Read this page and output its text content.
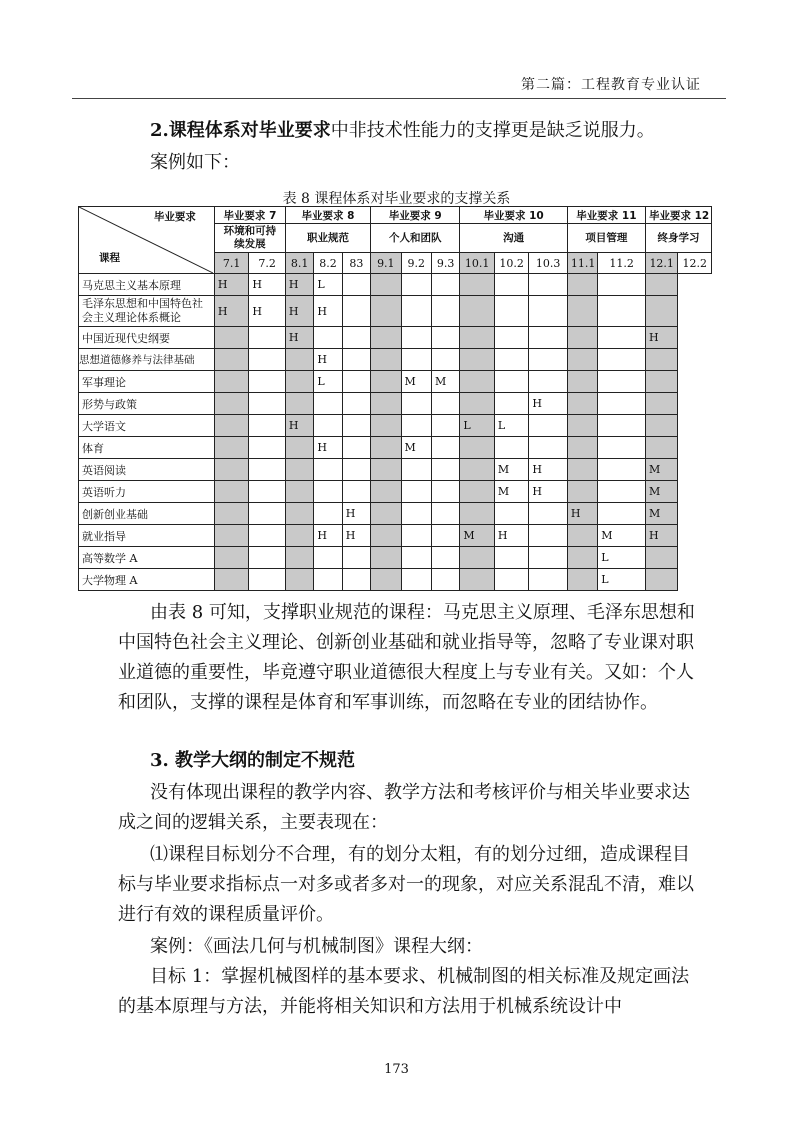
第二篇：工程教育专业认证
2.课程体系对毕业要求中非技术性能力的支撑更是缺乏说服力。
案例如下：
表 8 课程体系对毕业要求的支撑关系
毕业要求
课程	毕业要求 7		毕业要求 8			毕业要求 9			毕业要求 10			毕业要求 11		毕业要求 12	
	环境和可持续发展		职业规范			个人和团队			沟通			项目管理		终身学习	
	7.1	7.2	8.1	8.2	83	9.1	9.2	9.3	10.1	10.2	10.3	11.1	11.2	12.1	12.2
马克思主义基本原理	H	H	H	L											
毛泽东思想和中国特色社会主义理论体系概论	H	H	H	H											
中国近现代史纲要			H											H	
思想道德修养与法律基础				H											
军事理论				L			M	M							
形势与政策											H				
大学语文			H						L	L					
体育				H			M								
英语阅读										M	H			M	
英语听力										M	H			M	
创新创业基础					H							H		M	
就业指导				H	H				M	H			M	H	
高等数学 A													L		
大学物理 A													L		
由表 8 可知，支撑职业规范的课程：马克思主义原理、毛泽东思想和中国特色社会主义理论、创新创业基础和就业指导等，忽略了专业课对职业道德的重要性，毕竟遵守职业道德很大程度上与专业有关。又如：个人和团队，支撑的课程是体育和军事训练，而忽略在专业的团结协作。
3. 教学大纲的制定不规范
没有体现出课程的教学内容、教学方法和考核评价与相关毕业要求达成之间的逻辑关系，主要表现在：
⑴课程目标划分不合理，有的划分太粗，有的划分过细，造成课程目标与毕业要求指标点一对多或者多对一的现象，对应关系混乱不清，难以进行有效的课程质量评价。
案例：《画法几何与机械制图》课程大纲：
目标 1：掌握机械图样的基本要求、机械制图的相关标准及规定画法的基本原理与方法，并能将相关知识和方法用于机械系统设计中
173
